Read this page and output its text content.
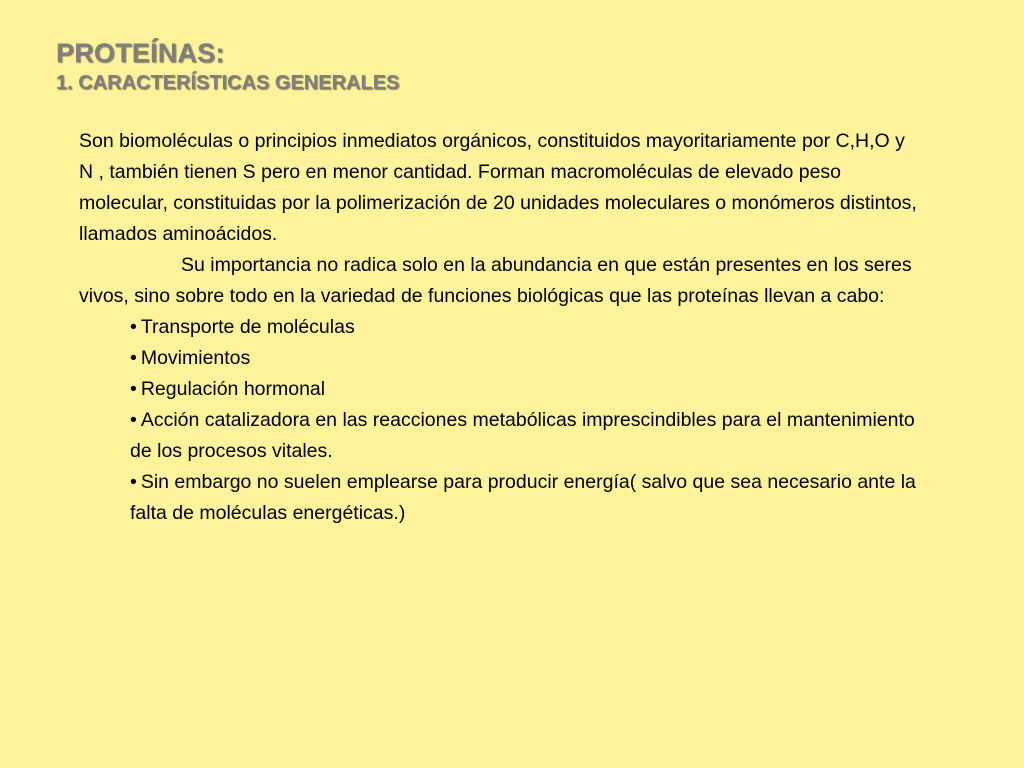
PROTEÍNAS:
1. CARACTERÍSTICAS GENERALES

Son biomoléculas o principios inmediatos orgánicos, constituidos mayoritariamente por C,H,O y N , también tienen S pero en menor cantidad. Forman macromoléculas de elevado peso molecular, constituidas por la polimerización de 20 unidades moleculares o monómeros distintos, llamados aminoácidos.

Su importancia no radica solo en la abundancia en que están presentes en los seres vivos, sino sobre todo en la variedad de funciones biológicas que las proteínas llevan a cabo:

• Transporte de moléculas
• Movimientos
• Regulación hormonal
• Acción catalizadora en las reacciones metabólicas imprescindibles para el mantenimiento de los procesos vitales.
• Sin embargo no suelen emplearse para producir energía( salvo que sea necesario ante la falta de moléculas energéticas.)
